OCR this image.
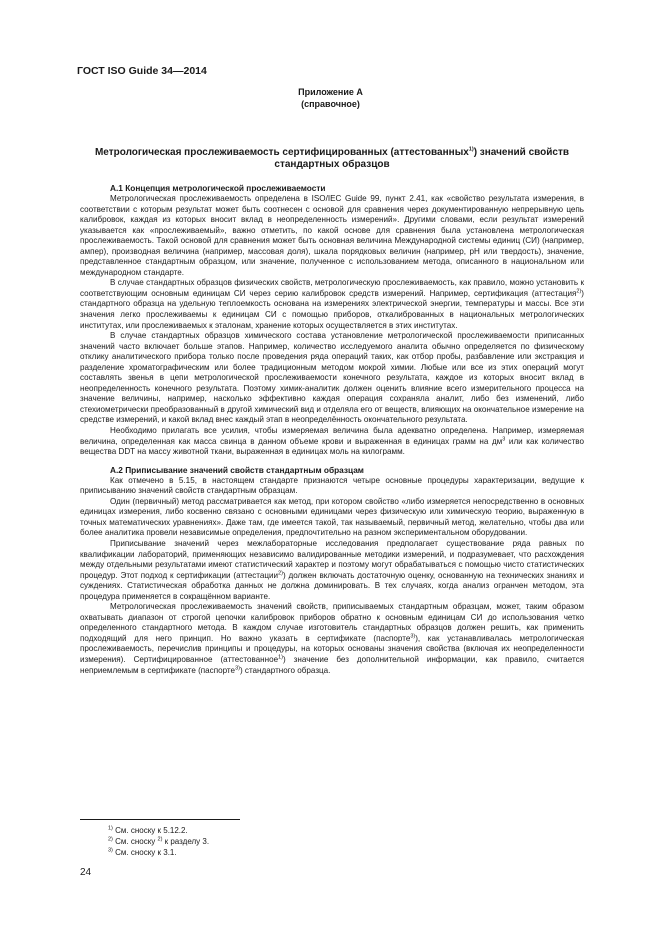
ГОСТ ISO Guide 34—2014
Приложение А
(справочное)
Метрологическая прослеживаемость сертифицированных (аттестованных$^{1)}$) значений свойств стандартных образцов
А.1 Концепция метрологической прослеживаемости

Метрологическая прослеживаемость определена в ISO/IEC Guide 99, пункт 2.41, как «свойство результата измерения, в соответствии с которым результат может быть соотнесен с основой для сравнения через документированную непрерывную цепь калибровок, каждая из которых вносит вклад в неопределенность измерений». Другими словами, если результат измерений указывается как «прослеживаемый», важно отметить, по какой основе для сравнения была установлена метрологическая прослеживаемость. Такой основой для сравнения может быть основная величина Международной системы единиц (СИ) (например, ампер), производная величина (например, массовая доля), шкала порядковых величин (например, pH или твердость), значение, представленное стандартным образцом, или значение, полученное с использованием метода, описанного в национальном или международном стандарте.

В случае стандартных образцов физических свойств, метрологическую прослеживаемость, как правило, можно установить к соответствующим основным единицам СИ через серию калибровок средств измерений. Например, сертификация (аттестация$^{2)}$) стандартного образца на удельную теплоемкость основана на измерениях электрической энергии, температуры и массы. Все эти значения легко прослеживаемы к единицам СИ с помощью приборов, откалиброванных в национальных метрологических институтах, или прослеживаемых к эталонам, хранение которых осуществляется в этих институтах.

В случае стандартных образцов химического состава установление метрологической прослеживаемости приписанных значений часто включает больше этапов. Например, количество исследуемого аналита обычно определяется по физическому отклику аналитического прибора только после проведения ряда операций таких, как отбор пробы, разбавление или экстракция и разделение хроматографическим или более традиционным методом мокрой химии. Любые или все из этих операций могут составлять звенья в цепи метрологической прослеживаемости конечного результата, каждое из которых вносит вклад в неопределенность конечного результата. Поэтому химик-аналитик должен оценить влияние всего измерительного процесса на значение величины, например, насколько эффективно каждая операция сохраняла аналит, либо без изменений, либо стехиометрически преобразованный в другой химический вид и отделяла его от веществ, влияющих на окончательное измерение на средстве измерений, и какой вклад внес каждый этап в неопределённость окончательного результата.

Необходимо прилагать все усилия, чтобы измеряемая величина была адекватно определена. Например, измеряемая величина, определенная как масса свинца в данном объеме крови и выраженная в единицах грамм на $дм^3$ или как количество вещества DDT на массу животной ткани, выраженная в единицах моль на килограмм.

А.2 Приписывание значений свойств стандартным образцам

Как отмечено в 5.15, в настоящем стандарте признаются четыре основные процедуры характеризации, ведущие к приписыванию значений свойств стандартным образцам.

Один (первичный) метод рассматривается как метод, при котором свойство «либо измеряется непосредственно в основных единицах измерения, либо косвенно связано с основными единицами через физическую или химическую теорию, выраженную в точных математических уравнениях». Даже там, где имеется такой, так называемый, первичный метод, желательно, чтобы два или более аналитика провели независимые определения, предпочтительно на разном экспериментальном оборудовании.

Приписывание значений через межлабораторные исследования предполагает существование ряда равных по квалификации лабораторий, применяющих независимо валидированные методики измерений, и подразумевает, что расхождения между отдельными результатами имеют статистический характер и поэтому могут обрабатываться с помощью чисто статистических процедур. Этот подход к сертификации (аттестации$^{2)}$) должен включать достаточную оценку, основанную на технических знаниях и суждениях. Статистическая обработка данных не должна доминировать. В тех случаях, когда анализ огранчен методом, эта процедура применяется в сокращённом варианте.

Метрологическая прослеживаемость значений свойств, приписываемых стандартным образцам, может, таким образом охватывать диапазон от строгой цепочки калибровок приборов обратно к основным единицам СИ до использования четко определенного стандартного метода. В каждом случае изготовитель стандартных образцов должен решить, как применить подходящий для него принцип. Но важно указать в сертификате (паспорте$^{3)}$), как устанавливалась метрологическая прослеживаемость, перечислив принципы и процедуры, на которых основаны значения свойства (включая их неопределенности измерения). Сертифицированное (аттестованное$^{1)}$) значение без дополнительной информации, как правило, считается неприемлемым в сертификате (паспорте$^{3)}$) стандартного образца.

$^{1)}$ См. сноску к 5.12.2.
$^{2)}$ См. сноску $^{2)}$ к разделу 3.
$^{3)}$ См. сноску к 3.1.
24
